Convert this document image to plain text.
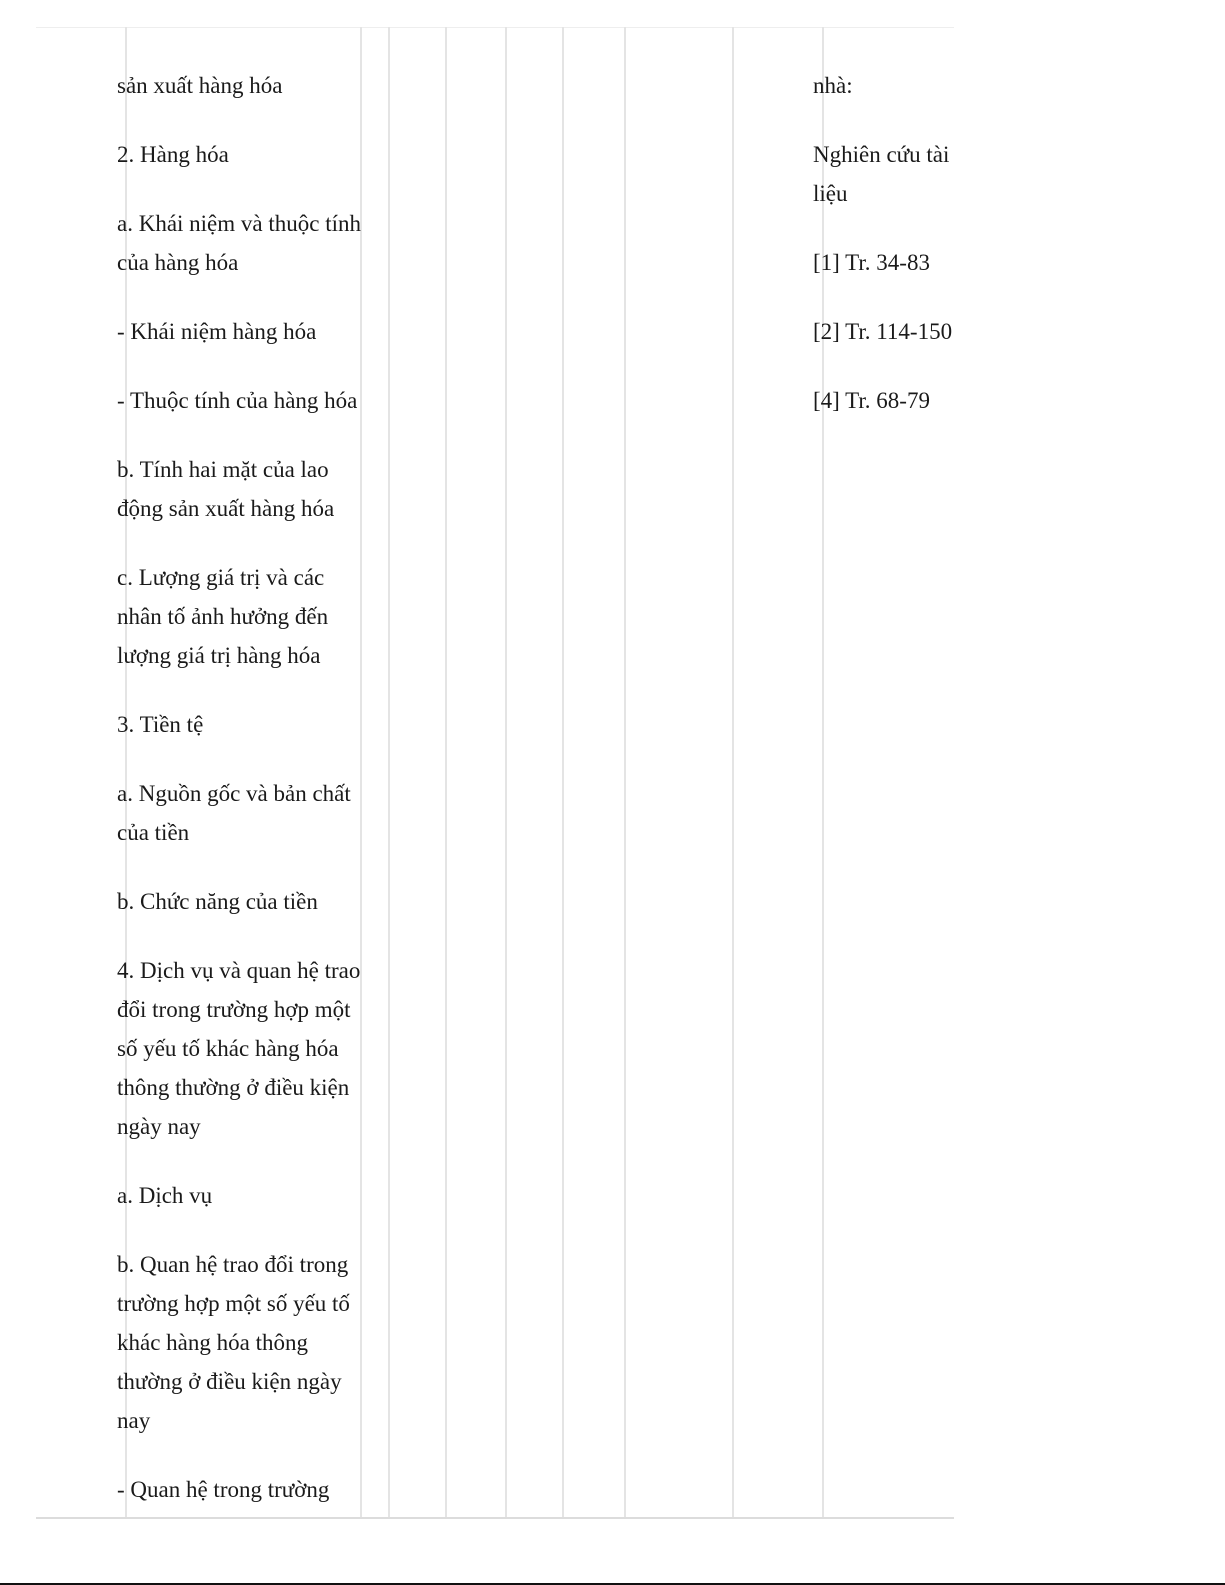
sản xuất hàng hóa

2. Hàng hóa

a. Khái niệm và thuộc tính
của hàng hóa

- Khái niệm hàng hóa

- Thuộc tính của hàng hóa

b. Tính hai mặt của lao
động sản xuất hàng hóa

c. Lượng giá trị và các
nhân tố ảnh hưởng đến
lượng giá trị hàng hóa

3. Tiền tệ

a. Nguồn gốc và bản chất
của tiền

b. Chức năng của tiền

4. Dịch vụ và quan hệ trao
đổi trong trường hợp một
số yếu tố khác hàng hóa
thông thường ở điều kiện
ngày nay

a. Dịch vụ

b. Quan hệ trao đổi trong
trường hợp một số yếu tố
khác hàng hóa thông
thường ở điều kiện ngày
nay

- Quan hệ trong trường

nhà:

Nghiên cứu tài
liệu

[1] Tr. 34-83

[2] Tr. 114-150

[4] Tr. 68-79
